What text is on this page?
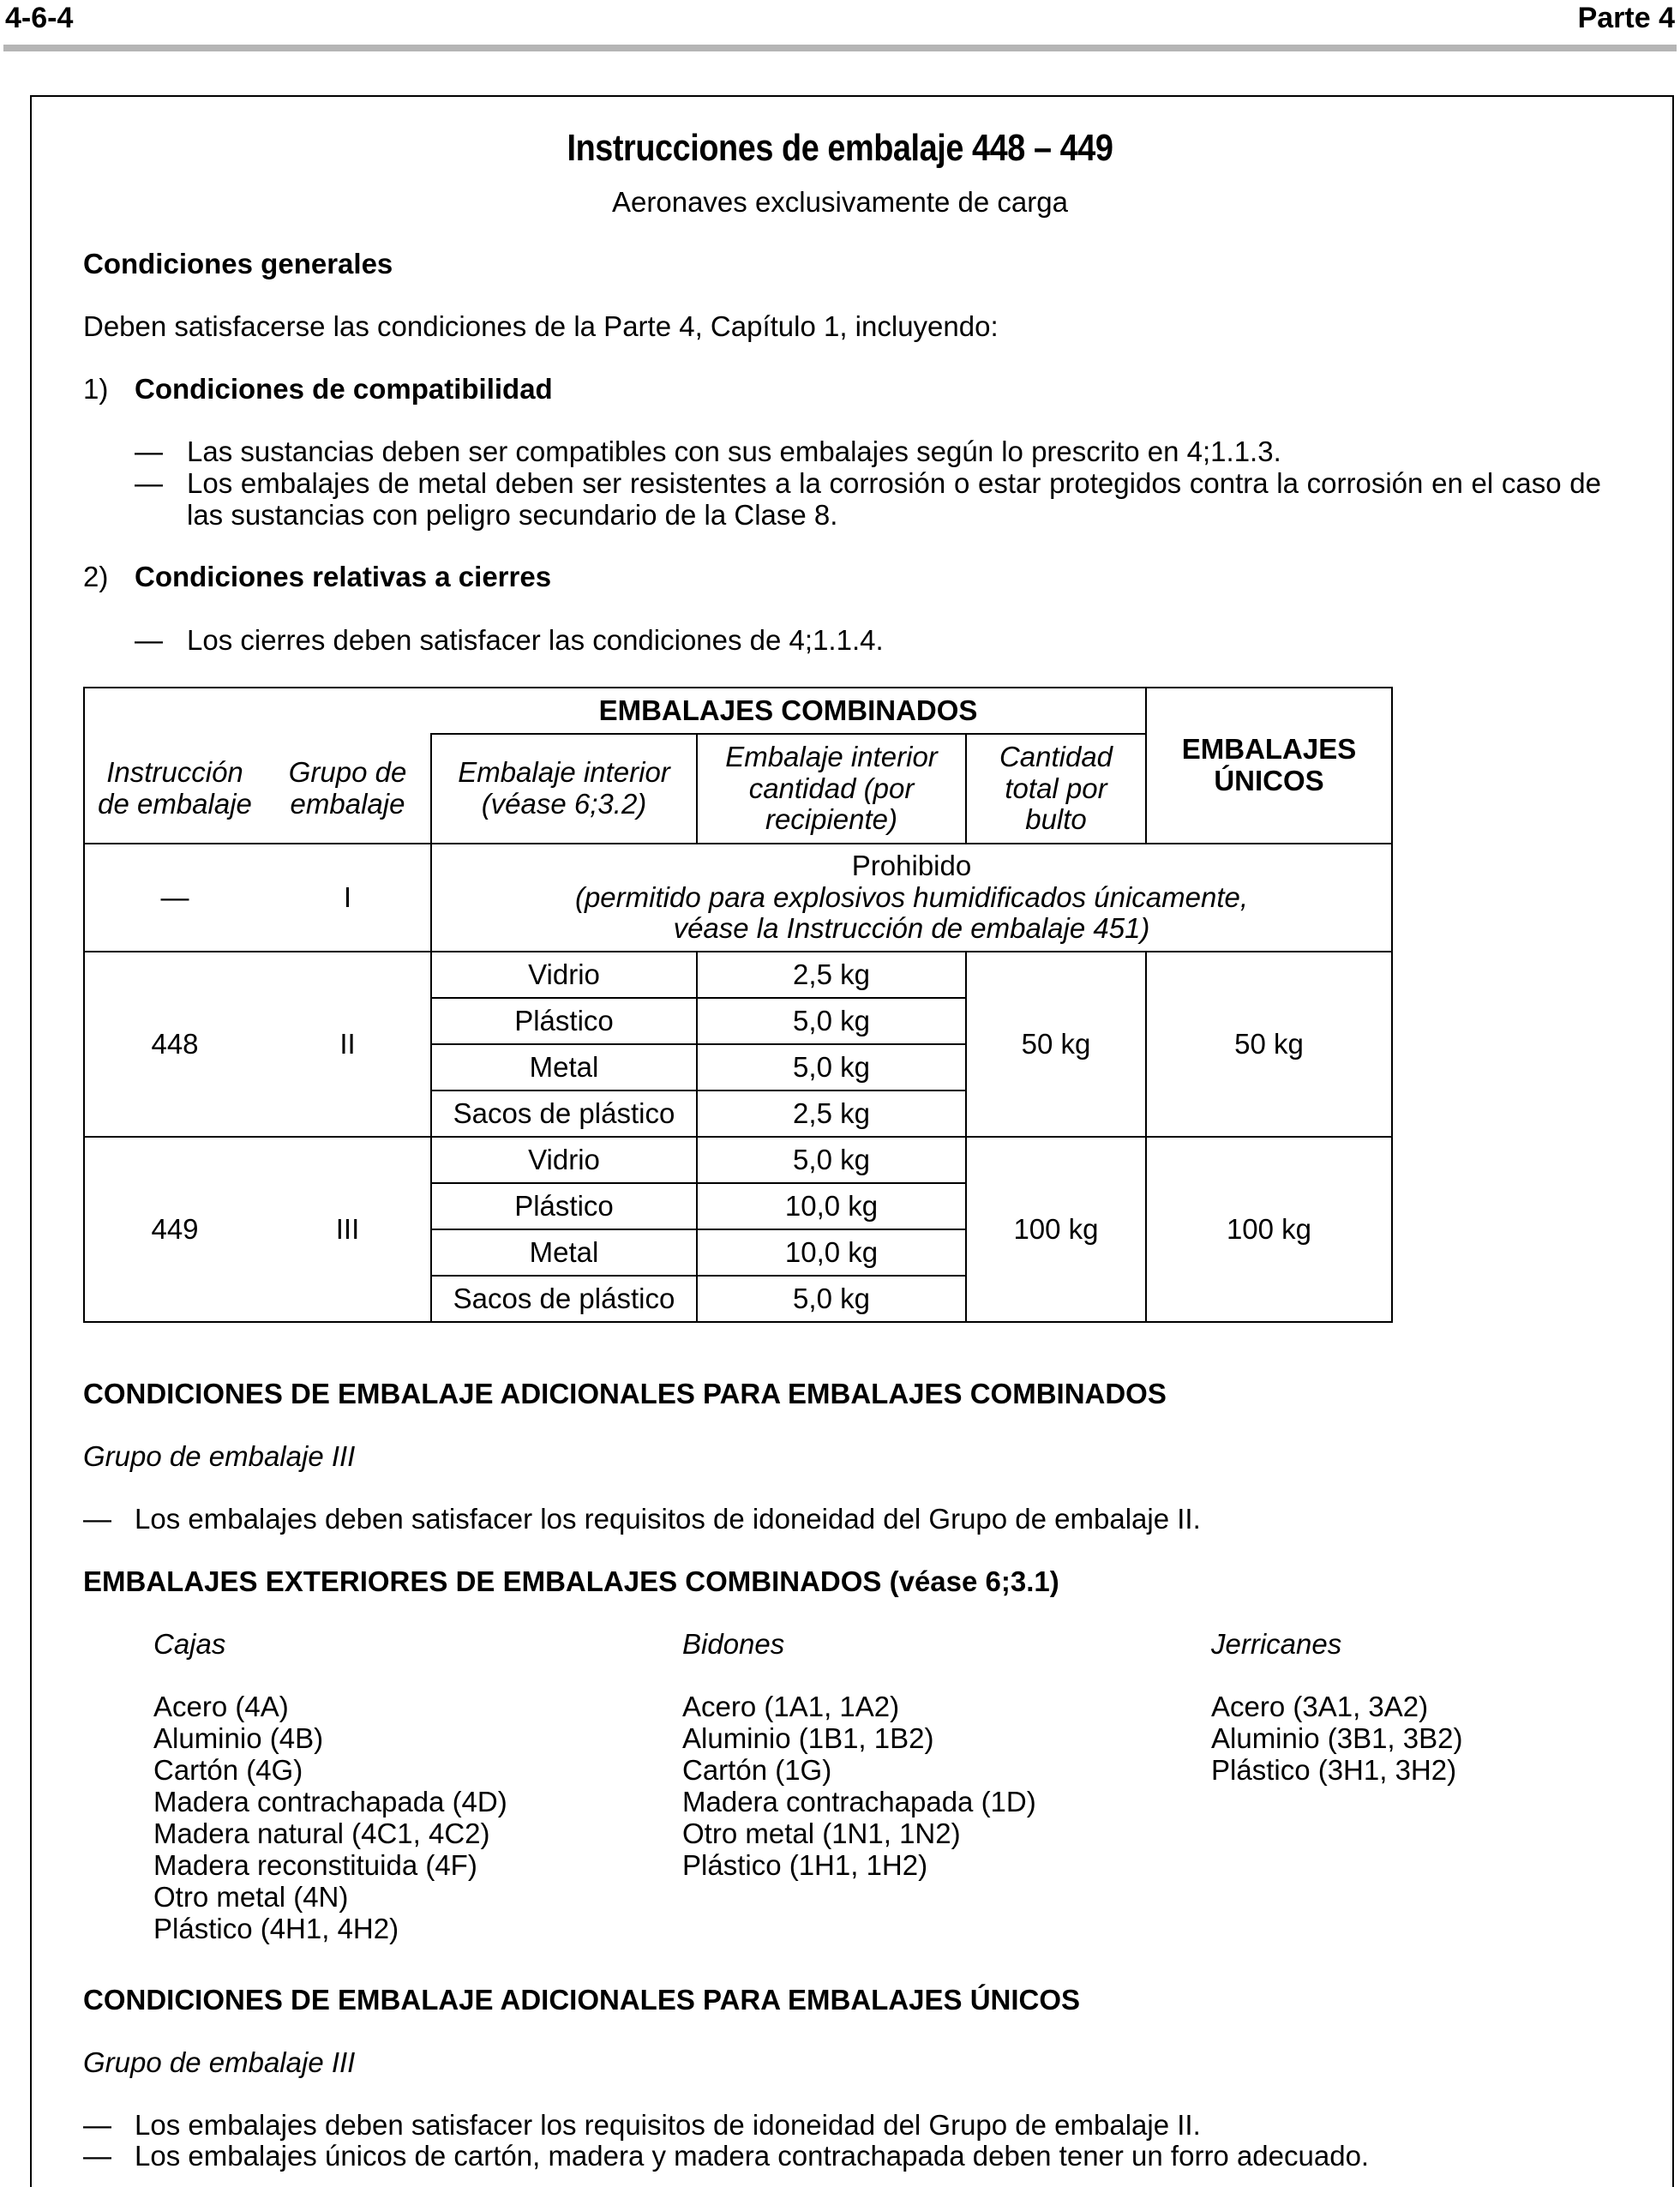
4-6-4	Parte 4
Instrucciones de embalaje 448 – 449
Aeronaves exclusivamente de carga
Condiciones generales
Deben satisfacerse las condiciones de la Parte 4, Capítulo 1, incluyendo:
1) Condiciones de compatibilidad
— Las sustancias deben ser compatibles con sus embalajes según lo prescrito en 4;1.1.3.
— Los embalajes de metal deben ser resistentes a la corrosión o estar protegidos contra la corrosión en el caso de las sustancias con peligro secundario de la Clase 8.
2) Condiciones relativas a cierres
— Los cierres deben satisfacer las condiciones de 4;1.1.4.
		EMBALAJES COMBINADOS			EMBALAJES ÚNICOS
Instrucción de embalaje	Grupo de embalaje	Embalaje interior (véase 6;3.2)	Embalaje interior cantidad (por recipiente)	Cantidad total por bulto	
—	I	Prohibido
(permitido para explosivos humidificados únicamente, véase la Instrucción de embalaje 451)			

448	II	Vidrio	2,5 kg	50 kg	50 kg
		Plástico	5,0 kg		
		Metal	5,0 kg		
		Sacos de plástico	2,5 kg		
449	III	Vidrio	5,0 kg	100 kg	100 kg
		Plástico	10,0 kg		
		Metal	10,0 kg		
		Sacos de plástico	5,0 kg		
CONDICIONES DE EMBALAJE ADICIONALES PARA EMBALAJES COMBINADOS
Grupo de embalaje III
— Los embalajes deben satisfacer los requisitos de idoneidad del Grupo de embalaje II.
EMBALAJES EXTERIORES DE EMBALAJES COMBINADOS (véase 6;3.1)
Cajas
Acero (4A)
Aluminio (4B)
Cartón (4G)
Madera contrachapada (4D)
Madera natural (4C1, 4C2)
Madera reconstituida (4F)
Otro metal (4N)
Plástico (4H1, 4H2)
Bidones
Acero (1A1, 1A2)
Aluminio (1B1, 1B2)
Cartón (1G)
Madera contrachapada (1D)
Otro metal (1N1, 1N2)
Plástico (1H1, 1H2)
Jerricanes
Acero (3A1, 3A2)
Aluminio (3B1, 3B2)
Plástico (3H1, 3H2)
CONDICIONES DE EMBALAJE ADICIONALES PARA EMBALAJES ÚNICOS
Grupo de embalaje III
— Los embalajes deben satisfacer los requisitos de idoneidad del Grupo de embalaje II.
— Los embalajes únicos de cartón, madera y madera contrachapada deben tener un forro adecuado.
